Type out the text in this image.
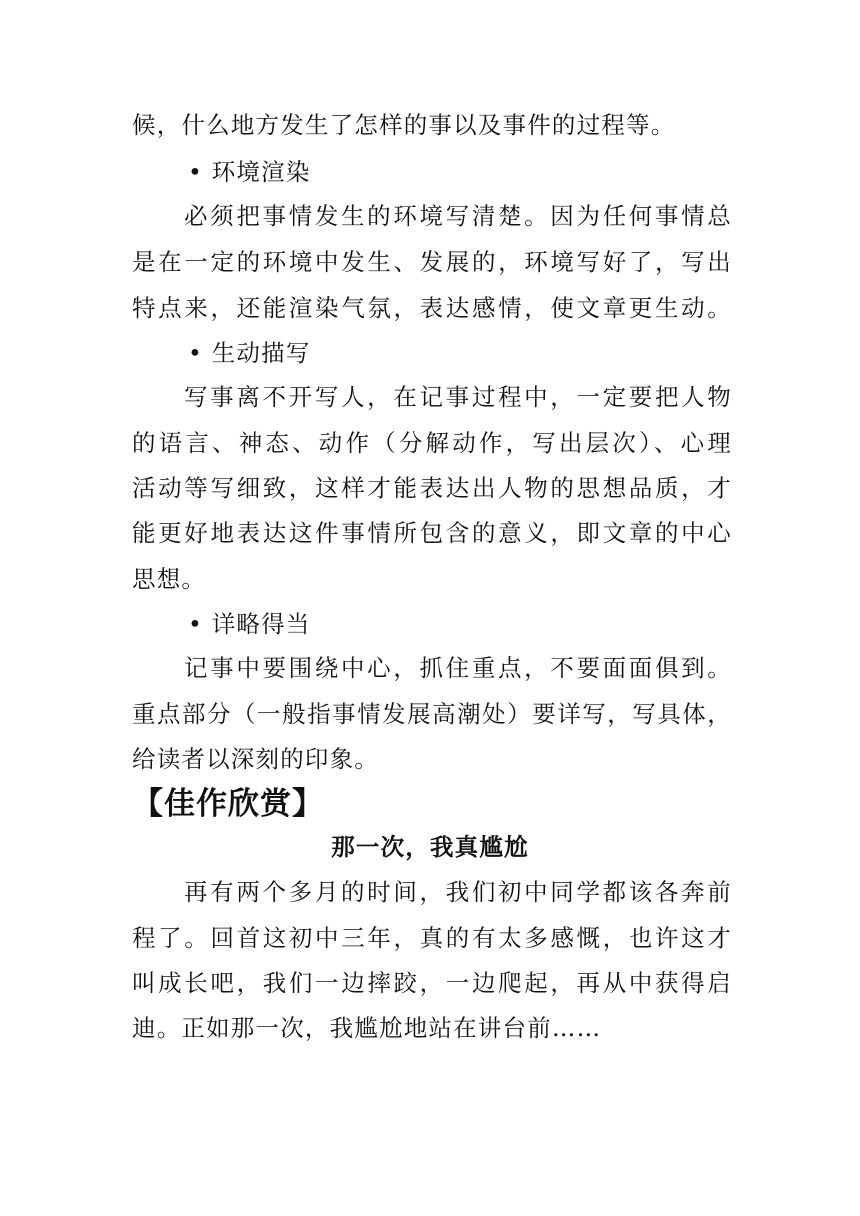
候，什么地方发生了怎样的事以及事件的过程等。
• 环境渲染
必须把事情发生的环境写清楚。因为任何事情总
是在一定的环境中发生、发展的，环境写好了，写出
特点来，还能渲染气氛，表达感情，使文章更生动。
• 生动描写
写事离不开写人，在记事过程中，一定要把人物
的语言、神态、动作（分解动作，写出层次）、心理
活动等写细致，这样才能表达出人物的思想品质，才
能更好地表达这件事情所包含的意义，即文章的中心
思想。
• 详略得当
记事中要围绕中心，抓住重点，不要面面俱到。
重点部分（一般指事情发展高潮处）要详写，写具体，
给读者以深刻的印象。
【佳作欣赏】
那一次，我真尴尬
再有两个多月的时间，我们初中同学都该各奔前
程了。回首这初中三年，真的有太多感慨，也许这才
叫成长吧，我们一边摔跤，一边爬起，再从中获得启
迪。正如那一次，我尴尬地站在讲台前……
